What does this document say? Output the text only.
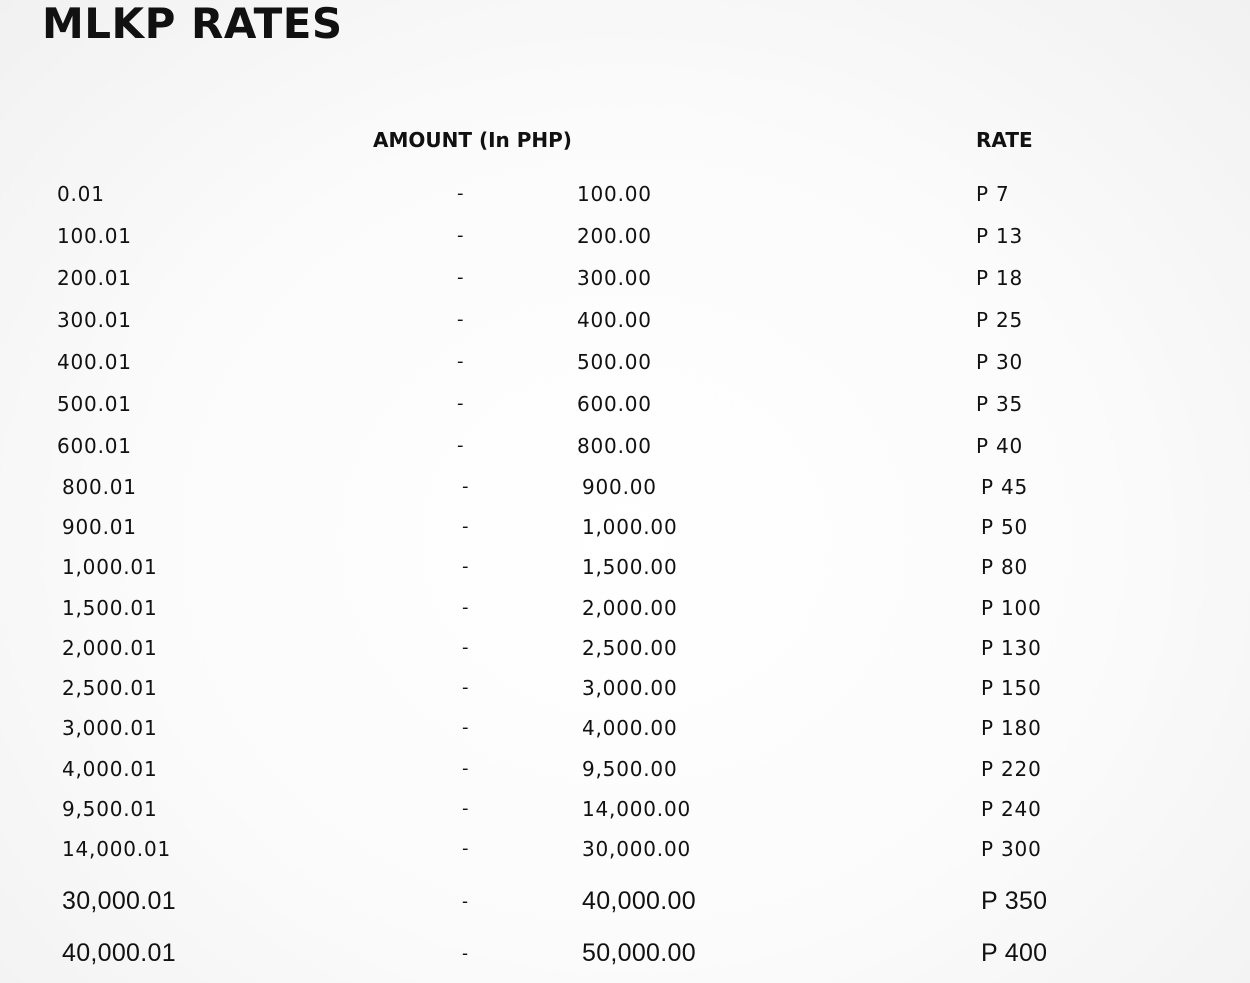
MLKP RATES
AMOUNT (In PHP)	RATE
0.01	-	100.00	P 7
100.01	-	200.00	P 13
200.01	-	300.00	P 18
300.01	-	400.00	P 25
400.01	-	500.00	P 30
500.01	-	600.00	P 35
600.01	-	800.00	P 40
800.01	-	900.00	P 45
900.01	-	1,000.00	P 50
1,000.01	-	1,500.00	P 80
1,500.01	-	2,000.00	P 100
2,000.01	-	2,500.00	P 130
2,500.01	-	3,000.00	P 150
3,000.01	-	4,000.00	P 180
4,000.01	-	9,500.00	P 220
9,500.01	-	14,000.00	P 240
14,000.01	-	30,000.00	P 300
30,000.01	-	40,000.00	P 350
40,000.01	-	50,000.00	P 400
